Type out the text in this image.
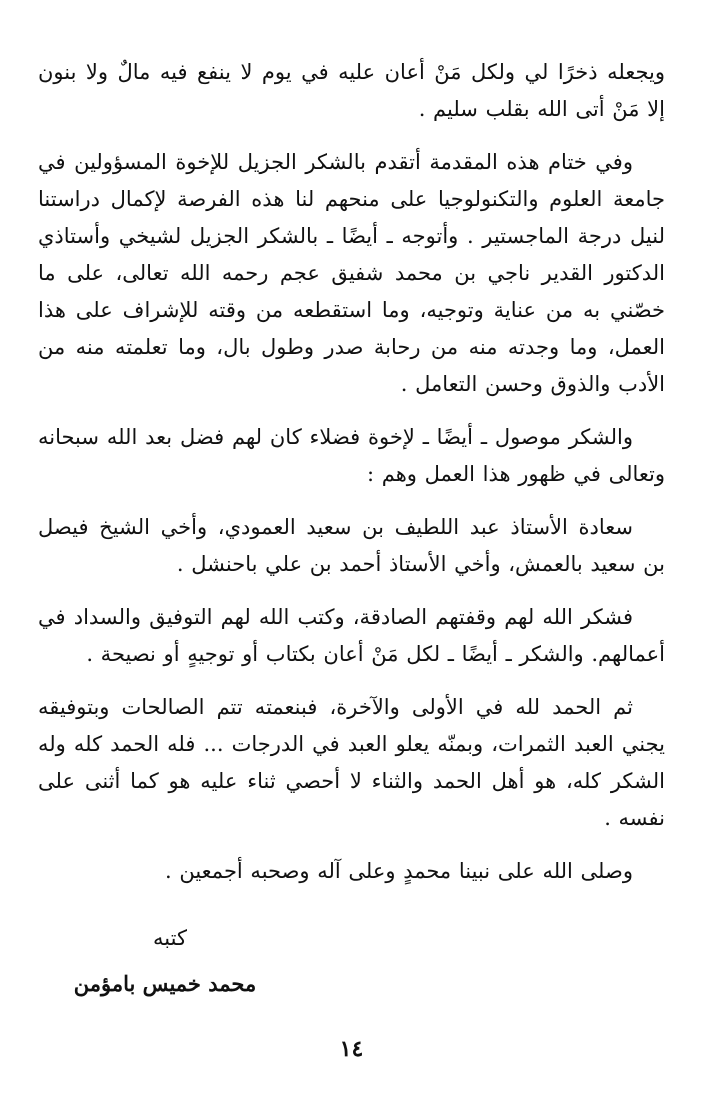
ويجعله ذخرًا لي ولكل مَنْ أعان عليه في يوم لا ينفع فيه مالٌ ولا بنون إلا مَنْ أتى الله بقلب سليم .

وفي ختام هذه المقدمة أتقدم بالشكر الجزيل للإخوة المسؤولين في جامعة العلوم والتكنولوجيا على منحهم لنا هذه الفرصة لإكمال دراستنا لنيل درجة الماجستير . وأتوجه ـ أيضًا ـ بالشكر الجزيل لشيخي وأستاذي الدكتور القدير ناجي بن محمد شفيق عجم رحمه الله تعالى، على ما خصّني به من عناية وتوجيه، وما استقطعه من وقته للإشراف على هذا العمل، وما وجدته منه من رحابة صدر وطول بال، وما تعلمته منه من الأدب والذوق وحسن التعامل .

والشكر موصول ـ أيضًا ـ لإخوة فضلاء كان لهم فضل بعد الله سبحانه وتعالى في ظهور هذا العمل وهم :

سعادة الأستاذ عبد اللطيف بن سعيد العمودي، وأخي الشيخ فيصل بن سعيد بالعمش، وأخي الأستاذ أحمد بن علي باحنشل .

فشكر الله لهم وقفتهم الصادقة، وكتب الله لهم التوفيق والسداد في أعمالهم. والشكر ـ أيضًا ـ لكل مَنْ أعان بكتاب أو توجيهٍ أو نصيحة .

ثم الحمد لله في الأولى والآخرة، فبنعمته تتم الصالحات وبتوفيقه يجني العبد الثمرات، وبمنّه يعلو العبد في الدرجات ... فله الحمد كله وله الشكر كله، هو أهل الحمد والثناء لا أحصي ثناء عليه هو كما أثنى على نفسه .

وصلى الله على نبينا محمدٍ وعلى آله وصحبه أجمعين .

كتبه
محمد خميس بامؤمن
١٤
